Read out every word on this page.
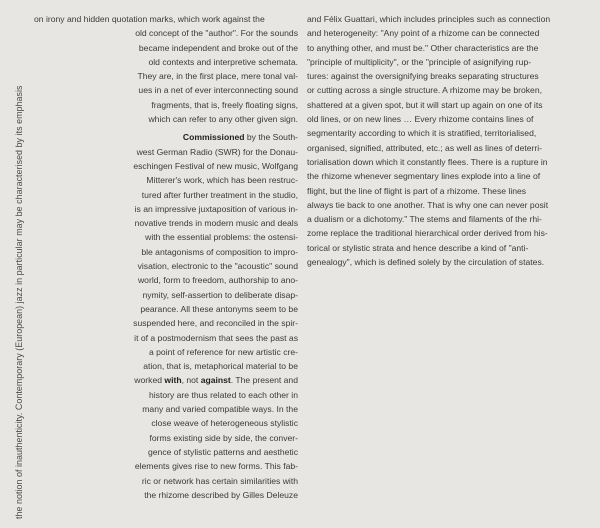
the notion of inauthenticity. Contemporary (European) jazz in particular may be characterised by its emphasis
on irony and hidden quotation marks, which work against the
old concept of the "author". For the sounds
became independent and broke out of the
old contexts and interpretive schemata.
They are, in the first place, mere tonal val-
ues in a net of ever interconnecting sound
fragments, that is, freely floating signs,
which can refer to any other given sign.
Commissioned by the South-
west German Radio (SWR) for the Donau-
eschingen Festival of new music, Wolfgang
Mitterer's work, which has been restruc-
tured after further treatment in the studio,
is an impressive juxtaposition of various in-
novative trends in modern music and deals
with the essential problems: the ostensi-
ble antagonisms of composition to impro-
visation, electronic to the "acoustic" sound
world, form to freedom, authorship to ano-
nymity, self-assertion to deliberate disap-
pearance. All these antonyms seem to be
suspended here, and reconciled in the spir-
it of a postmodernism that sees the past as
a point of reference for new artistic cre-
ation, that is, metaphorical material to be
worked with, not against. The present and
history are thus related to each other in
many and varied compatible ways. In the
close weave of heterogeneous stylistic
forms existing side by side, the conver-
gence of stylistic patterns and aesthetic
elements gives rise to new forms. This fab-
ric or network has certain similarities with
the rhizome described by Gilles Deleuze
and Félix Guattari, which includes principles such as connection
and heterogeneity: "Any point of a rhizome can be connected
to anything other, and must be." Other characteristics are the
"principle of multiplicity", or the "principle of asignifying rup-
tures: against the oversignifying breaks separating structures
or cutting across a single structure. A rhizome may be broken,
shattered at a given spot, but it will start up again on one of its
old lines, or on new lines … Every rhizome contains lines of
segmentarity according to which it is stratified, territorialised,
organised, signified, attributed, etc.; as well as lines of deterri-
torialisation down which it constantly flees. There is a rupture in
the rhizome whenever segmentary lines explode into a line of
flight, but the line of flight is part of a rhizome. These lines
always tie back to one another. That is why one can never posit
a dualism or a dichotomy." The stems and filaments of the rhi-
zome replace the traditional hierarchical order derived from his-
torical or stylistic strata and hence describe a kind of "anti-
genealogy", which is defined solely by the circulation of states.
